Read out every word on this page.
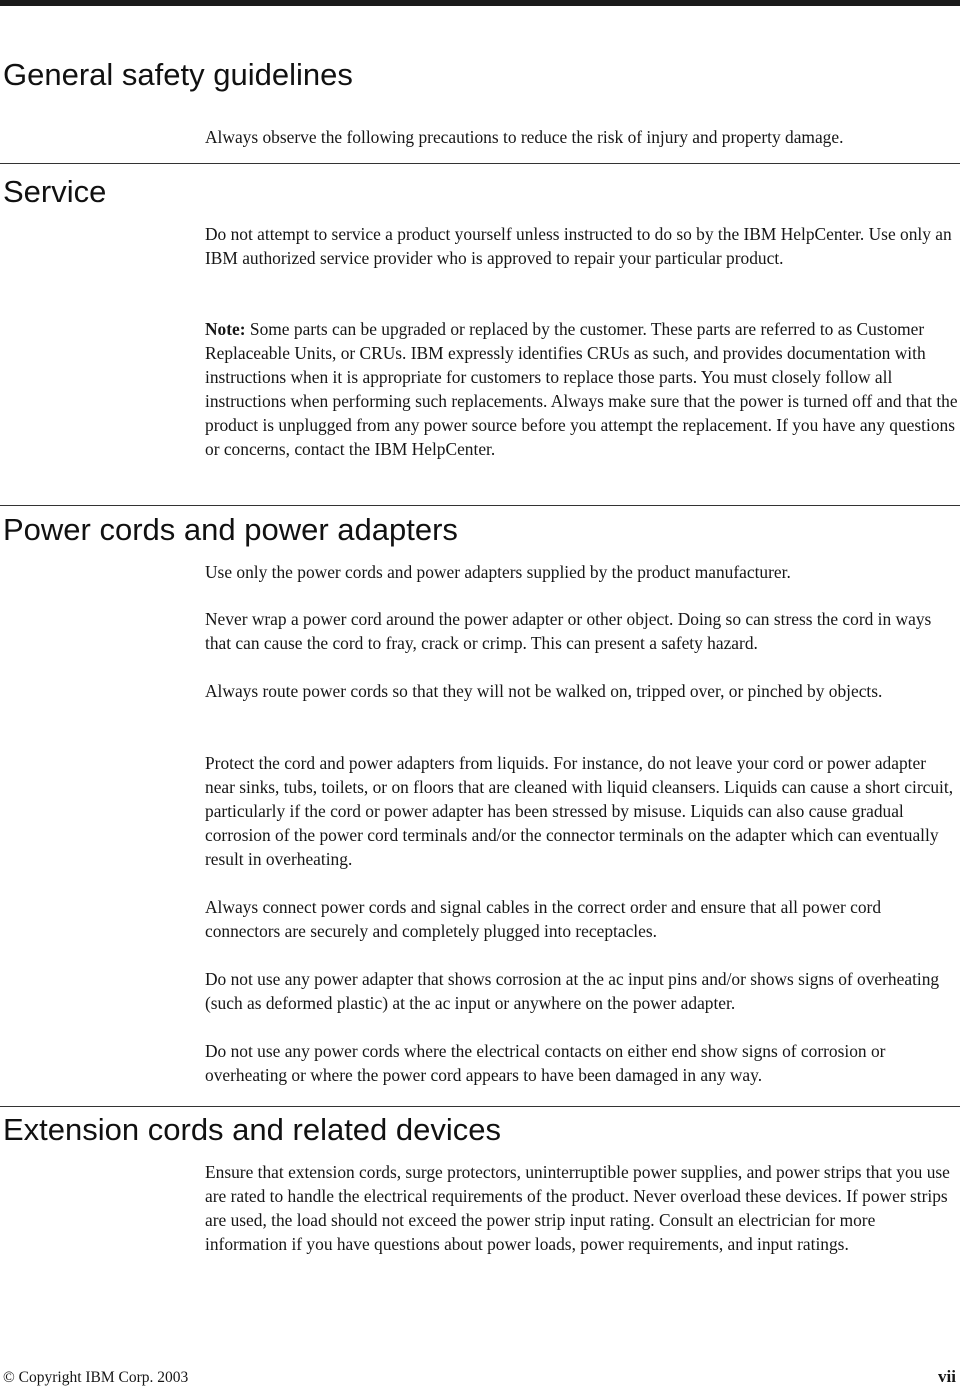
General safety guidelines

Always observe the following precautions to reduce the risk of injury and property damage.

Service

Do not attempt to service a product yourself unless instructed to do so by the IBM HelpCenter. Use only an IBM authorized service provider who is approved to repair your particular product.

Note: Some parts can be upgraded or replaced by the customer. These parts are referred to as Customer Replaceable Units, or CRUs. IBM expressly identifies CRUs as such, and provides documentation with instructions when it is appropriate for customers to replace those parts. You must closely follow all instructions when performing such replacements. Always make sure that the power is turned off and that the product is unplugged from any power source before you attempt the replacement. If you have any questions or concerns, contact the IBM HelpCenter.

Power cords and power adapters

Use only the power cords and power adapters supplied by the product manufacturer.

Never wrap a power cord around the power adapter or other object. Doing so can stress the cord in ways that can cause the cord to fray, crack or crimp. This can present a safety hazard.

Always route power cords so that they will not be walked on, tripped over, or pinched by objects.

Protect the cord and power adapters from liquids. For instance, do not leave your cord or power adapter near sinks, tubs, toilets, or on floors that are cleaned with liquid cleansers. Liquids can cause a short circuit, particularly if the cord or power adapter has been stressed by misuse. Liquids can also cause gradual corrosion of the power cord terminals and/or the connector terminals on the adapter which can eventually result in overheating.

Always connect power cords and signal cables in the correct order and ensure that all power cord connectors are securely and completely plugged into receptacles.

Do not use any power adapter that shows corrosion at the ac input pins and/or shows signs of overheating (such as deformed plastic) at the ac input or anywhere on the power adapter.

Do not use any power cords where the electrical contacts on either end show signs of corrosion or overheating or where the power cord appears to have been damaged in any way.

Extension cords and related devices

Ensure that extension cords, surge protectors, uninterruptible power supplies, and power strips that you use are rated to handle the electrical requirements of the product. Never overload these devices. If power strips are used, the load should not exceed the power strip input rating. Consult an electrician for more information if you have questions about power loads, power requirements, and input ratings.

© Copyright IBM Corp. 2003	vii
